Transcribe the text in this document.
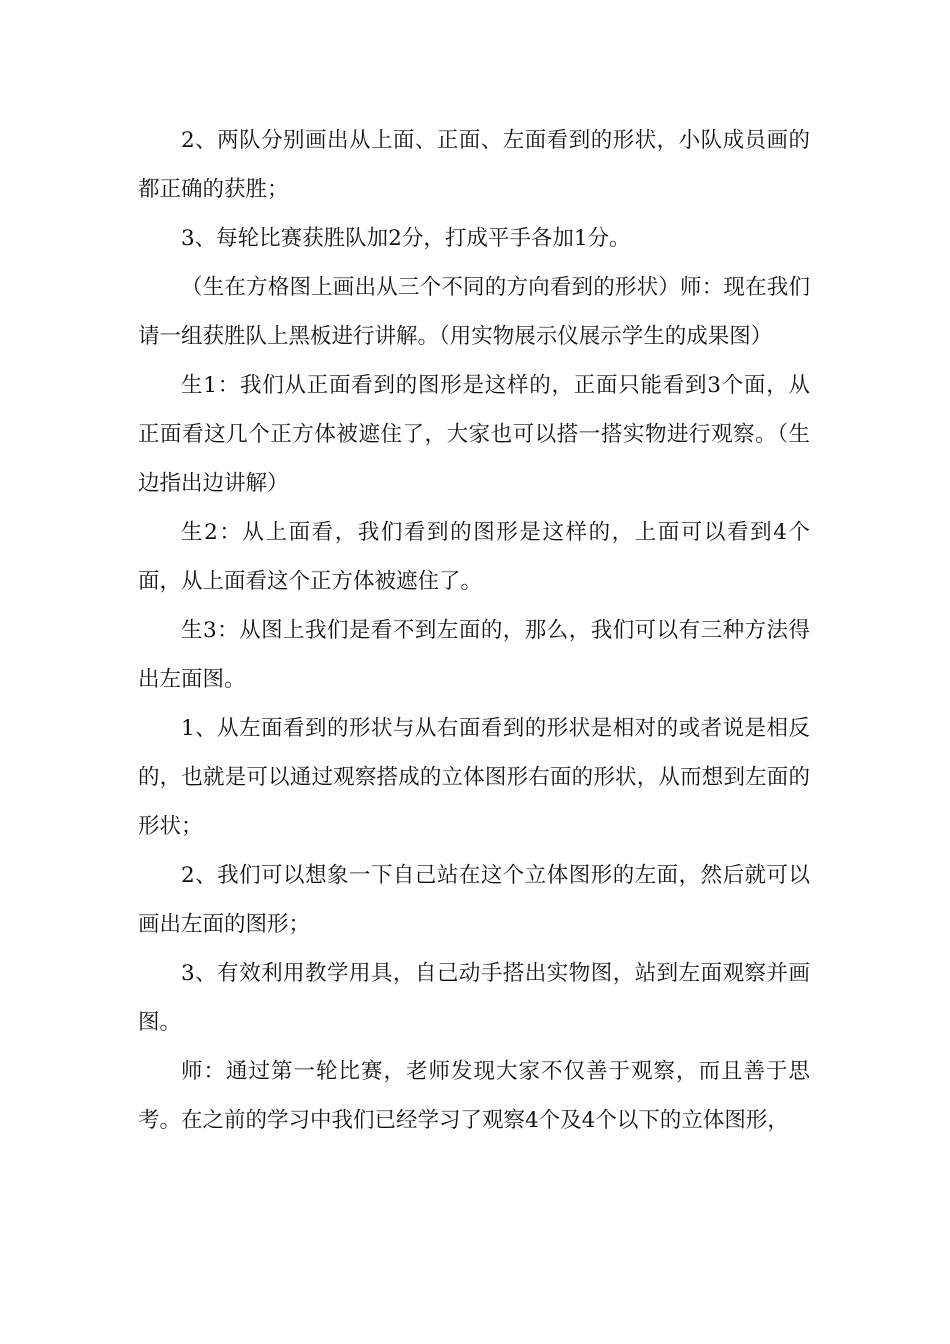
2、两队分别画出从上面、正面、左面看到的形状，小队成员画的都正确的获胜；

3、每轮比赛获胜队加2分，打成平手各加1分。

（生在方格图上画出从三个不同的方向看到的形状）师：现在我们请一组获胜队上黑板进行讲解。（用实物展示仪展示学生的成果图）

生1：我们从正面看到的图形是这样的，正面只能看到3个面，从正面看这几个正方体被遮住了，大家也可以搭一搭实物进行观察。（生边指出边讲解）

生2：从上面看，我们看到的图形是这样的，上面可以看到4个面，从上面看这个正方体被遮住了。

生3：从图上我们是看不到左面的，那么，我们可以有三种方法得出左面图。

1、从左面看到的形状与从右面看到的形状是相对的或者说是相反的，也就是可以通过观察搭成的立体图形右面的形状，从而想到左面的形状；

2、我们可以想象一下自己站在这个立体图形的左面，然后就可以画出左面的图形；

3、有效利用教学用具，自己动手搭出实物图，站到左面观察并画图。

师：通过第一轮比赛，老师发现大家不仅善于观察，而且善于思考。在之前的学习中我们已经学习了观察4个及4个以下的立体图形，
